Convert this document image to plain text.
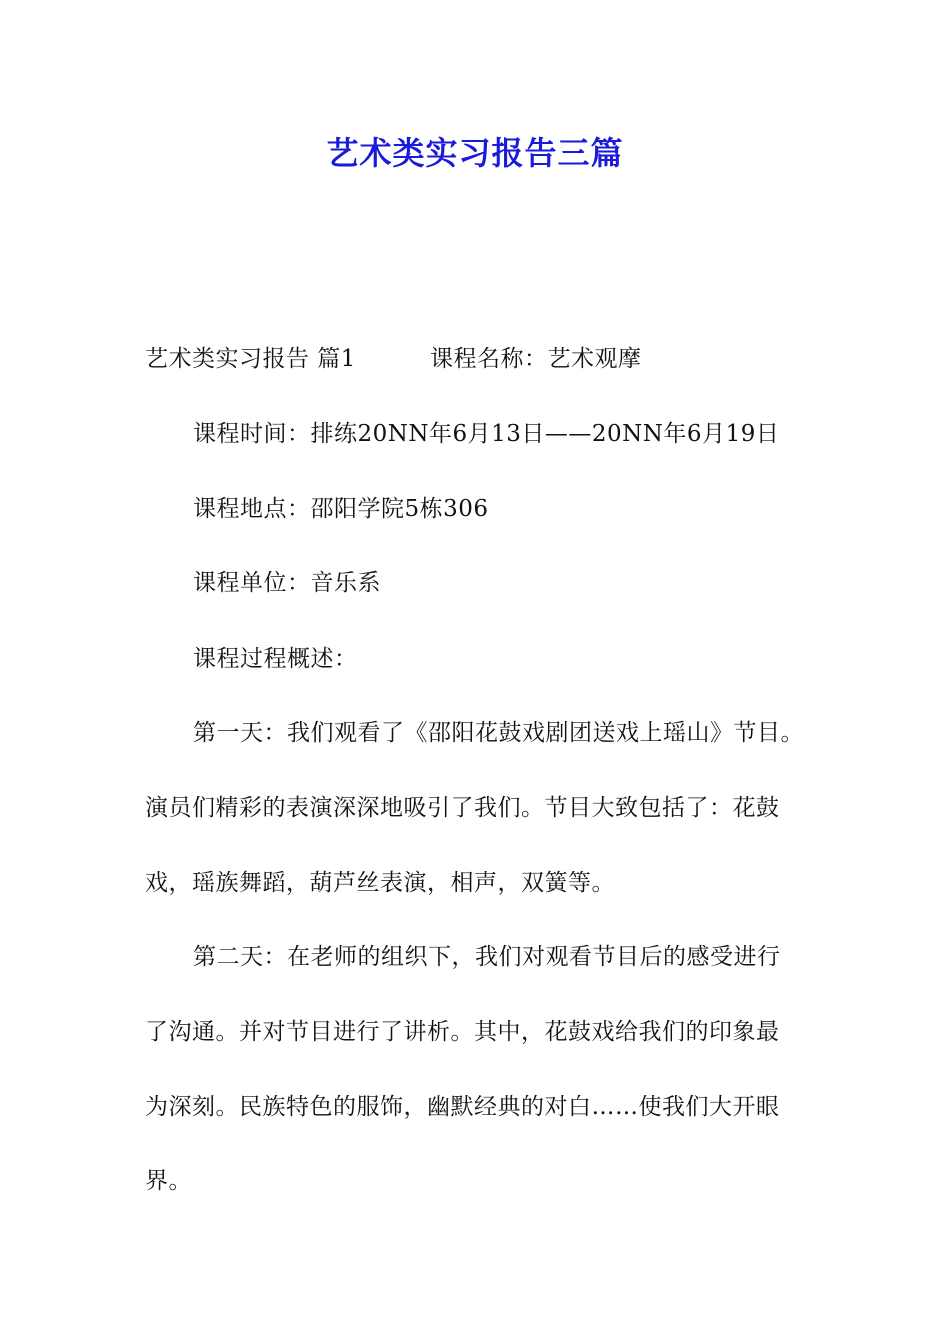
艺术类实习报告三篇
艺术类实习报告 篇1	课程名称：艺术观摩
课程时间：排练20NN年6月13日——20NN年6月19日
课程地点：邵阳学院5栋306
课程单位：音乐系
课程过程概述：
第一天：我们观看了《邵阳花鼓戏剧团送戏上瑶山》节目。
演员们精彩的表演深深地吸引了我们。节目大致包括了：花鼓
戏，瑶族舞蹈，葫芦丝表演，相声，双簧等。
第二天：在老师的组织下，我们对观看节目后的感受进行
了沟通。并对节目进行了讲析。其中，花鼓戏给我们的印象最
为深刻。民族特色的服饰，幽默经典的对白……使我们大开眼
界。
